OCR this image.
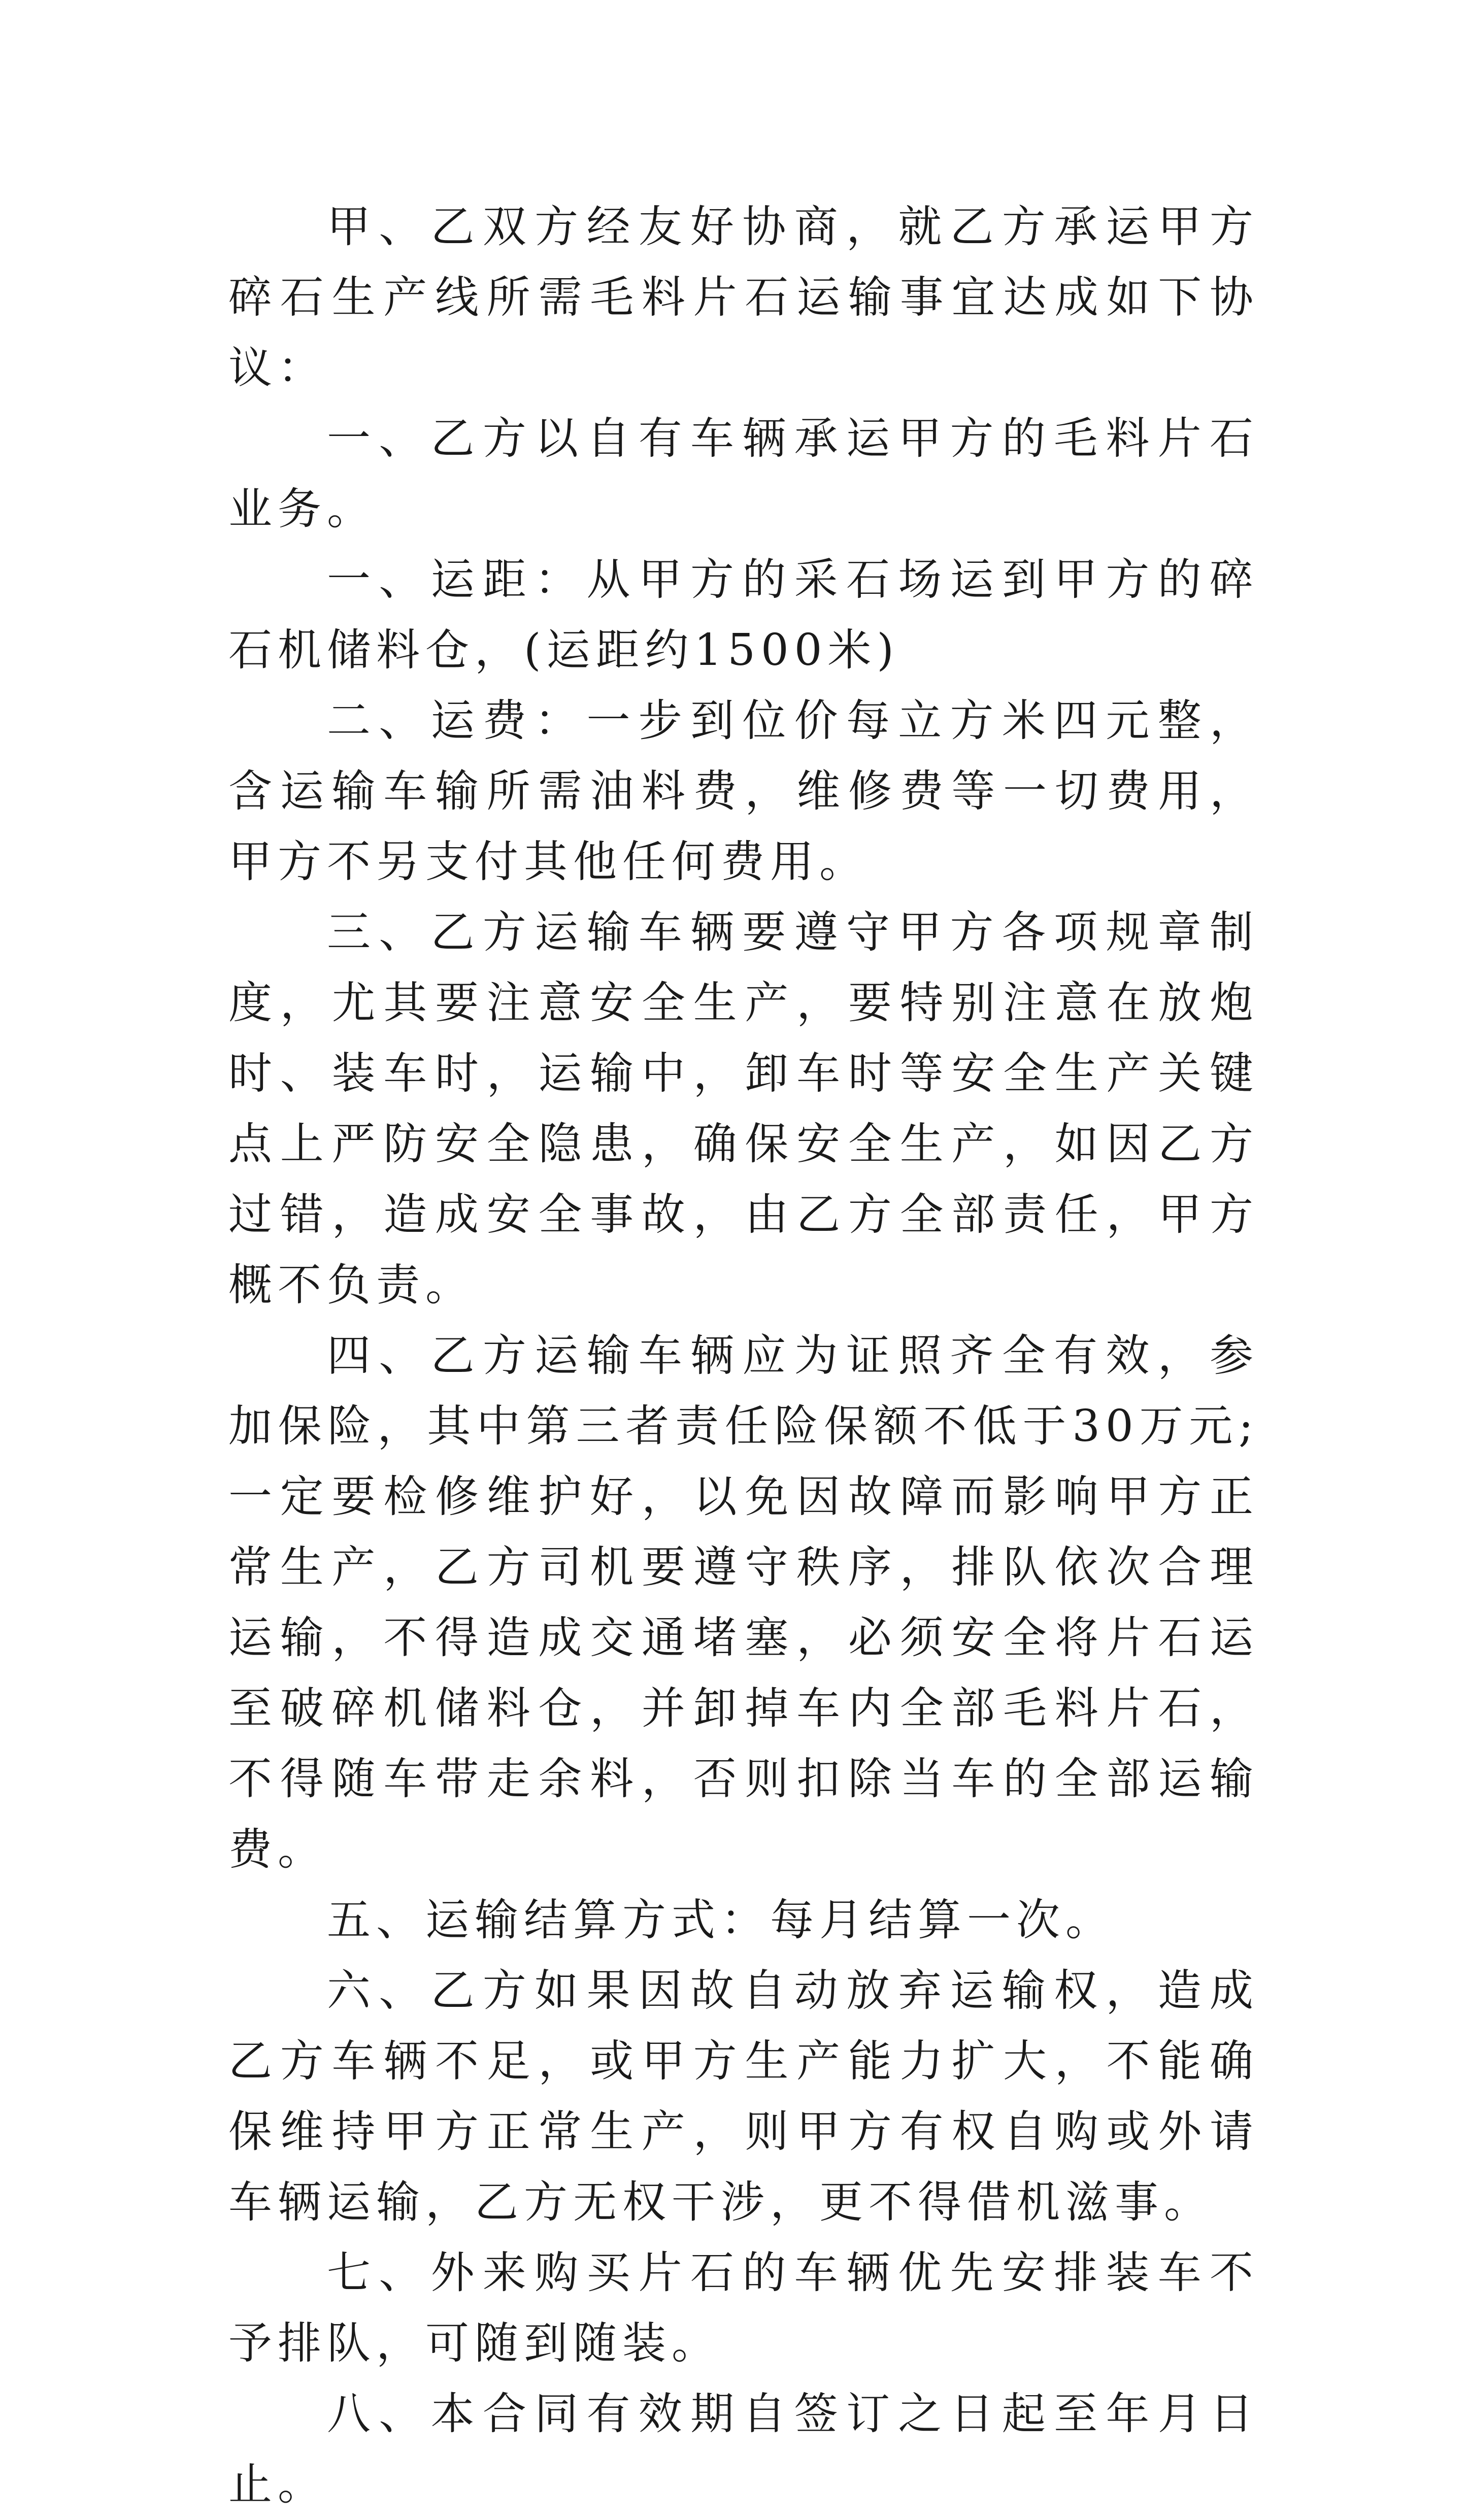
甲、乙双方经友好协商，就乙方承运甲方碎石生产线所需毛料片石运输事宜达成如下协议：

一、乙方以自有车辆承运甲方的毛料片石业务。

一、运距：从甲方的采石场运到甲方的碎石机储料仓，(运距约1500米)

二、运费：一步到位价每立方米四元整，含运输车输所需油料费，维修费等一切费用，甲方不另支付其他任何费用。

三、乙方运输车辆要遵守甲方各项规章制度，尤其要注意安全生产，要特别注意在放炮时、装车时，运输中，卸车时等安全生产关键点上严防安全隐患，确保安全生产，如因乙方过错，造成安全事故，由乙方全部责任，甲方概不负责。

四、乙方运输车辆应为证照齐全有效，参加保险，其中第三者责任险保额不低于30万元;一定要检修维护好，以免因故障而影响甲方正常生产，乙方司机要遵守秩序，排队依次合理运输，不得造成交通堵塞，必须安全将片石运至破碎机储料仓，并卸掉车内全部毛料片石，不得随车带走余料，否则扣除当车的全部运输费。

五、运输结算方式：每月结算一次。

六、乙方如果因故自动放弃运输权，造成乙方车辆不足，或甲方生产能力扩大，不能确保维持甲方正常生产，则甲方有权自购或外请车辆运输，乙方无权干涉，更不得借机滋事。

七、外来购买片石的车辆优先安排装车不予排队，可随到随装。

八、本合同有效期自签订之日起至年月日止。
